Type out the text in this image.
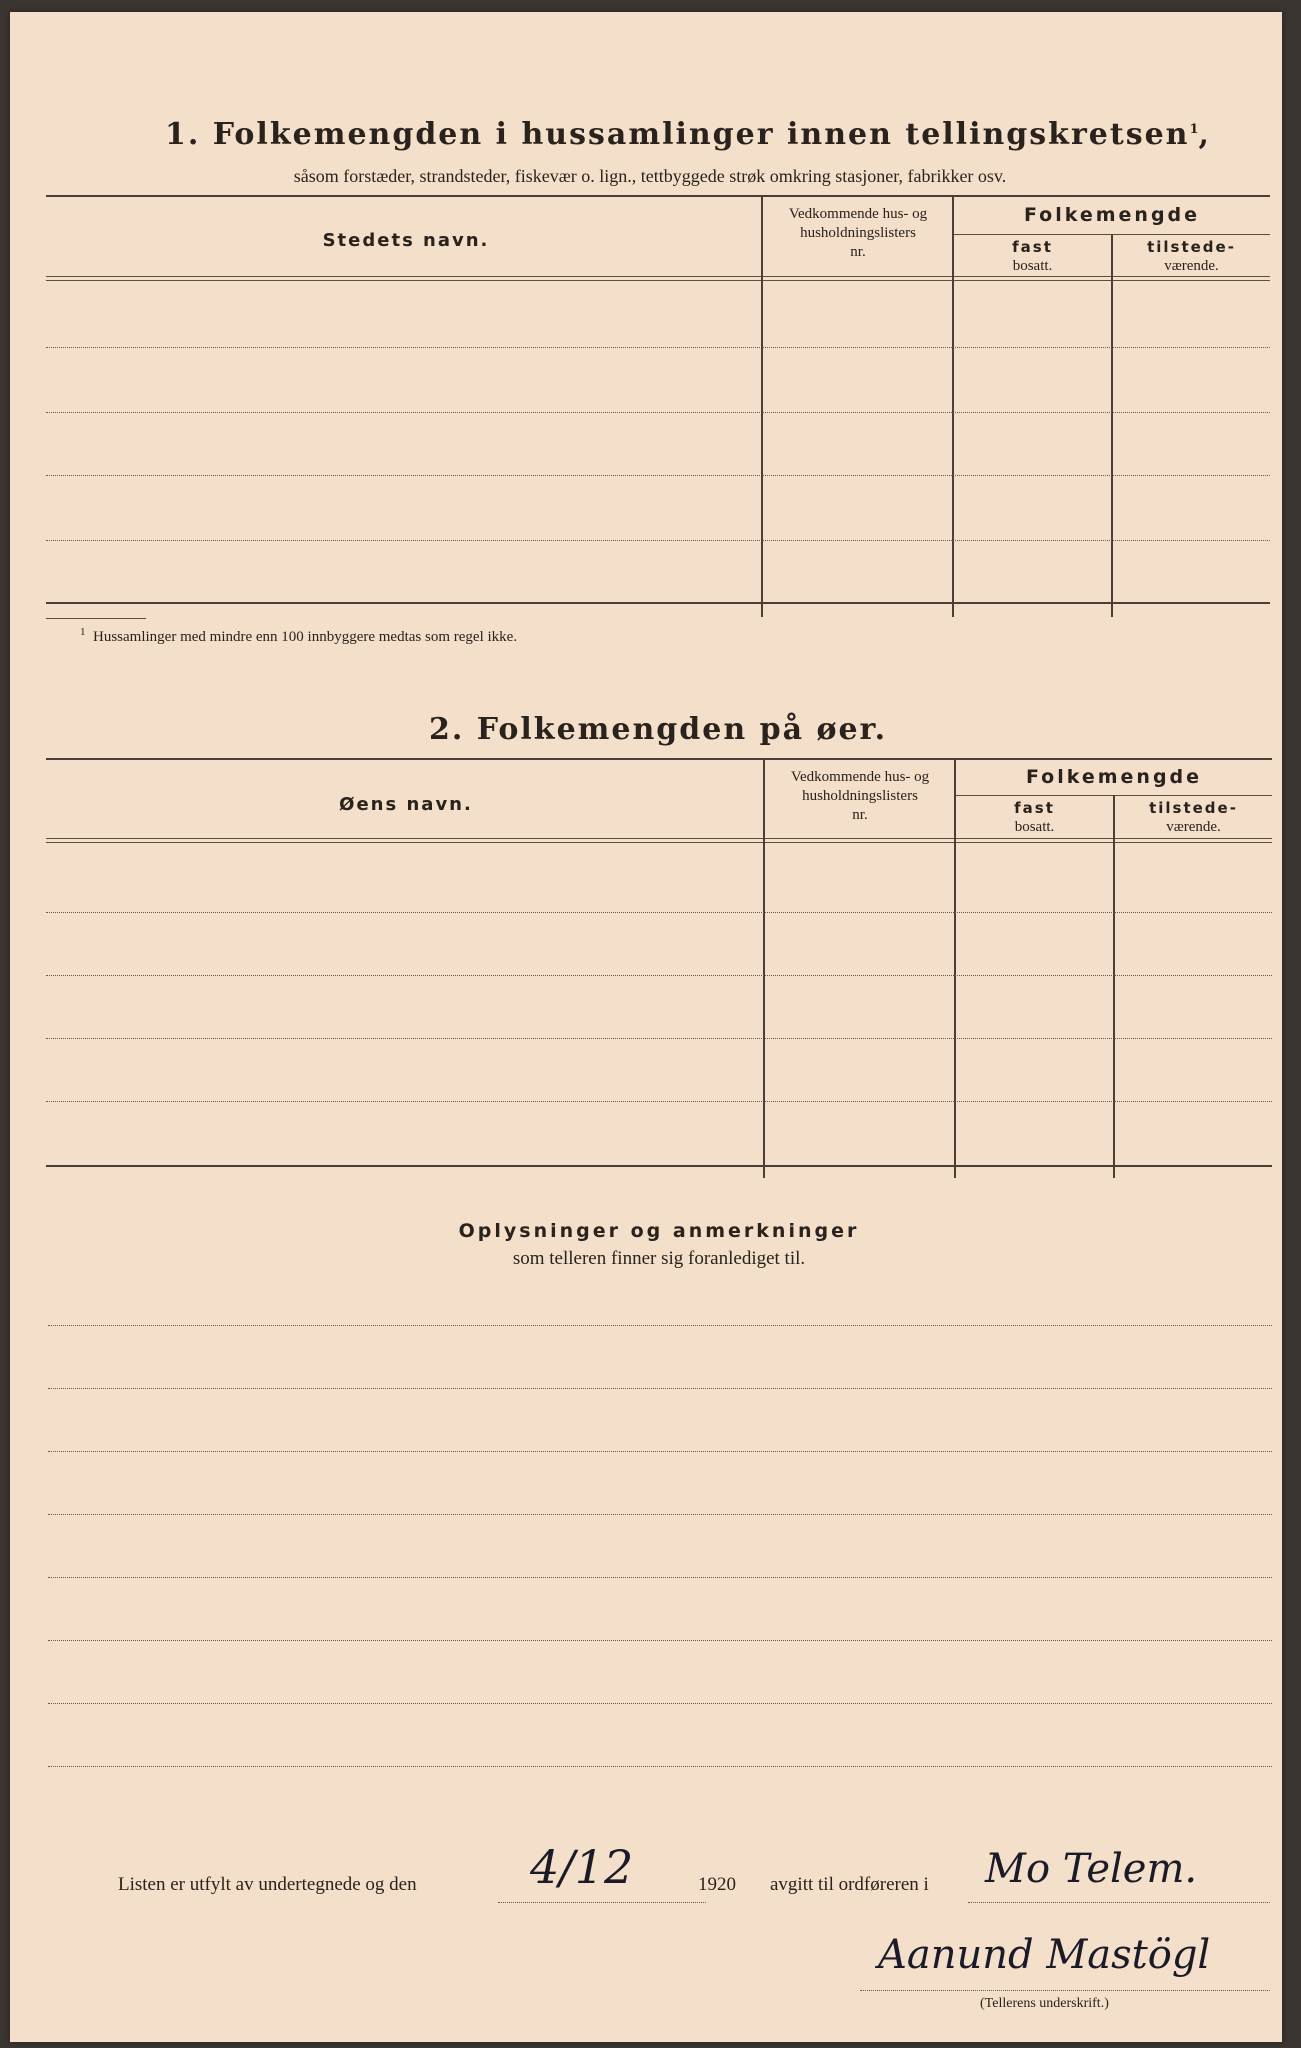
1. Folkemengden i hussamlinger innen tellingskretsen$^1$,
såsom forstæder, strandsteder, fiskevær o. lign., tettbyggede strøk omkring stasjoner, fabrikker osv.
Stedets navn.
Vedkommende hus- og
husholdningslisters
nr.
Folkemengde
fast
bosatt.
tilstede-
værende.
$^1$ Hussamlinger med mindre enn 100 innbyggere medtas som regel ikke.
2. Folkemengden på øer.
Øens navn.
Vedkommende hus- og
husholdningslisters
nr.
Folkemengde
fast
bosatt.
tilstede-
værende.
Oplysninger og anmerkninger
som telleren finner sig foranlediget til.
Listen er utfylt av undertegnede og den 4/12	1920 avgitt til ordføreren i Mo Telem.
Aanund Mastögl
(Tellerens underskrift.)
